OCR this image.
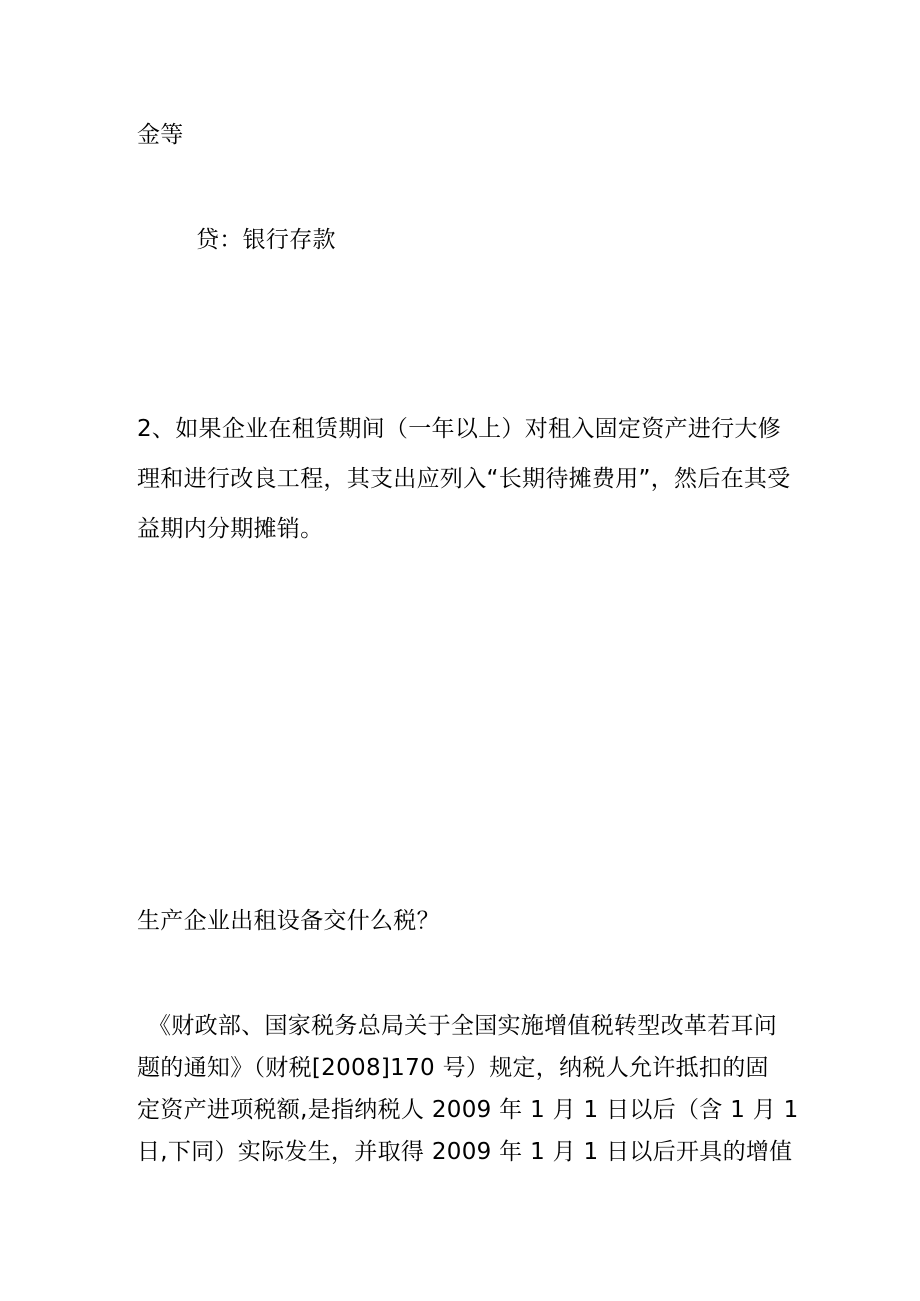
金等
贷：银行存款
2、如果企业在租赁期间（一年以上）对租入固定资产进行大修
理和进行改良工程，其支出应列入“长期待摊费用”，然后在其受
益期内分期摊销。
生产企业出租设备交什么税？
《财政部、国家税务总局关于全国实施增值税转型改革若耳问
题的通知》（财税[2008]170 号）规定，纳税人允许抵扣的固
定资产进项税额,是指纳税人 2009 年 1 月 1 日以后（含 1 月 1
日,下同）实际发生，并取得 2009 年 1 月 1 日以后开具的增值
